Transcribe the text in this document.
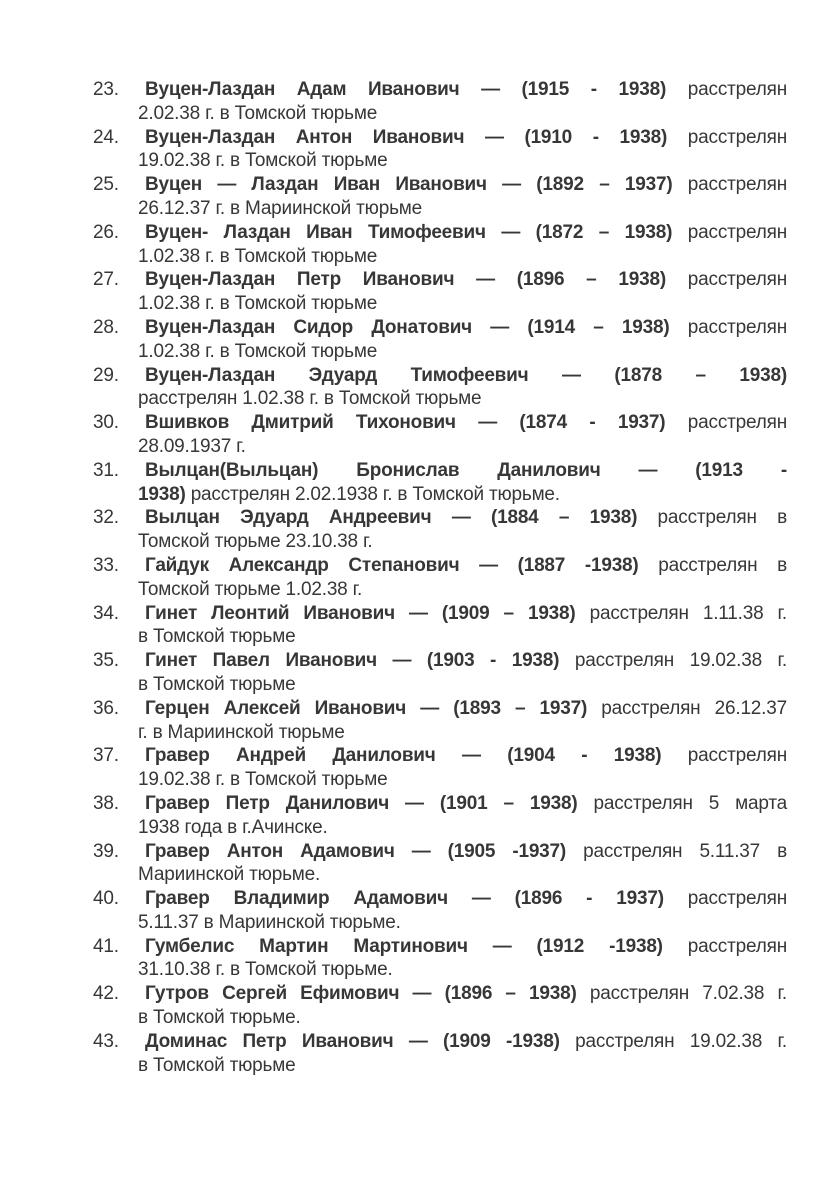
23.	Вуцен-Лаздан Адам Иванович — (1915 - 1938) расстрелян
2.02.38 г. в Томской тюрьме
24.	Вуцен-Лаздан Антон Иванович — (1910 - 1938) расстрелян
19.02.38 г. в Томской тюрьме
25.	Вуцен — Лаздан Иван Иванович — (1892 – 1937) расстрелян
26.12.37 г. в Мариинской тюрьме
26.	Вуцен- Лаздан Иван Тимофеевич — (1872 – 1938) расстрелян
1.02.38 г. в Томской тюрьме
27.	Вуцен-Лаздан Петр Иванович — (1896 – 1938) расстрелян
1.02.38 г. в Томской тюрьме
28.	Вуцен-Лаздан Сидор Донатович — (1914 – 1938) расстрелян
1.02.38 г. в Томской тюрьме
29.	Вуцен-Лаздан Эдуард Тимофеевич — (1878 – 1938)
расстрелян 1.02.38 г. в Томской тюрьме
30.	Вшивков Дмитрий Тихонович — (1874 - 1937) расстрелян
28.09.1937 г.
31.	Вылцан(Выльцан) Бронислав Данилович — (1913 -
1938) расстрелян 2.02.1938 г. в Томской тюрьме.
32.	Вылцан Эдуард Андреевич — (1884 – 1938) расстрелян в
Томской тюрьме 23.10.38 г.
33.	Гайдук Александр Степанович — (1887 -1938) расстрелян в
Томской тюрьме 1.02.38 г.
34.	Гинет Леонтий Иванович — (1909 – 1938) расстрелян 1.11.38 г.
в Томской тюрьме
35.	Гинет Павел Иванович — (1903 - 1938) расстрелян 19.02.38 г.
в Томской тюрьме
36.	Герцен Алексей Иванович — (1893 – 1937) расстрелян 26.12.37
г. в Мариинской тюрьме
37.	Гравер Андрей Данилович — (1904 - 1938) расстрелян
19.02.38 г. в Томской тюрьме
38.	Гравер Петр Данилович — (1901 – 1938) расстрелян 5 марта
1938 года в г.Ачинске.
39.	Гравер Антон Адамович — (1905 -1937) расстрелян 5.11.37 в
Мариинской тюрьме.
40.	Гравер Владимир Адамович — (1896 - 1937) расстрелян
5.11.37 в Мариинской тюрьме.
41.	Гумбелис Мартин Мартинович — (1912 -1938) расстрелян
31.10.38 г. в Томской тюрьме.
42.	Гутров Сергей Ефимович — (1896 – 1938) расстрелян 7.02.38 г.
в Томской тюрьме.
43.	Доминас Петр Иванович — (1909 -1938) расстрелян 19.02.38 г.
в Томской тюрьме
